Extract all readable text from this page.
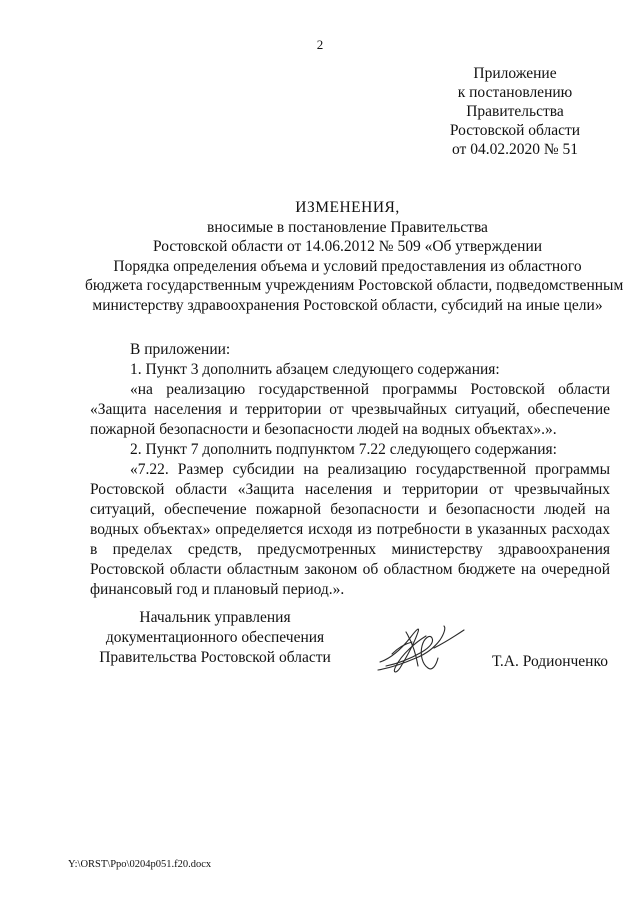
2
Приложение
к постановлению
Правительства
Ростовской области
от 04.02.2020 № 51
ИЗМЕНЕНИЯ,
вносимые в постановление Правительства
Ростовской области от 14.06.2012 № 509 «Об утверждении
Порядка определения объема и условий предоставления из областного
бюджета государственным учреждениям Ростовской области, подведомственным
министерству здравоохранения Ростовской области, субсидий на иные цели»

В приложении:

1. Пункт 3 дополнить абзацем следующего содержания:

«на реализацию государственной программы Ростовской области «Защита населения и территории от чрезвычайных ситуаций, обеспечение пожарной безопасности и безопасности людей на водных объектах».».

2. Пункт 7 дополнить подпунктом 7.22 следующего содержания:

«7.22. Размер субсидии на реализацию государственной программы Ростовской области «Защита населения и территории от чрезвычайных ситуаций, обеспечение пожарной безопасности и безопасности людей на водных объектах» определяется исходя из потребности в указанных расходах в пределах средств, предусмотренных министерству здравоохранения Ростовской области областным законом об областном бюджете на очередной финансовый год и плановый период.».

Начальник управления
документационного обеспечения
Правительства Ростовской области	Т.А. Родионченко
Y:\ORST\Ppo\0204p051.f20.docx
